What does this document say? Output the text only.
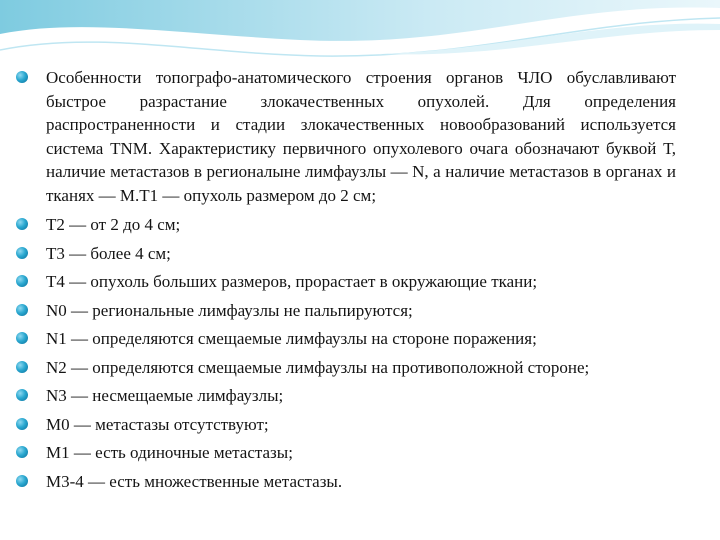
Особенности топографо-анатомического строения органов ЧЛО обуславливают быстрое разрастание злокачественных опухолей. Для определения распространенности и стадии злокачественных новообразований используется система TNM. Характеристику первичного опухолевого очага обозначают буквой Т, наличие метастазов в регионалыне лимфаузлы — N, а наличие метастазов в органах и тканях — M.Т1 — опухоль размером до 2 см;
Т2 — от 2 до 4 см;
Т3 — более 4 см;
Т4 — опухоль больших размеров, прорастает в окружающие ткани;
N0 — региональные лимфаузлы не пальпируются;
N1 — определяются смещаемые лимфаузлы на стороне поражения;
N2 — определяются смещаемые лимфаузлы на противоположной стороне;
N3 — несмещаемые лимфаузлы;
M0 — метастазы отсутствуют;
M1 — есть одиночные метастазы;
M3-4 — есть множественные метастазы.
